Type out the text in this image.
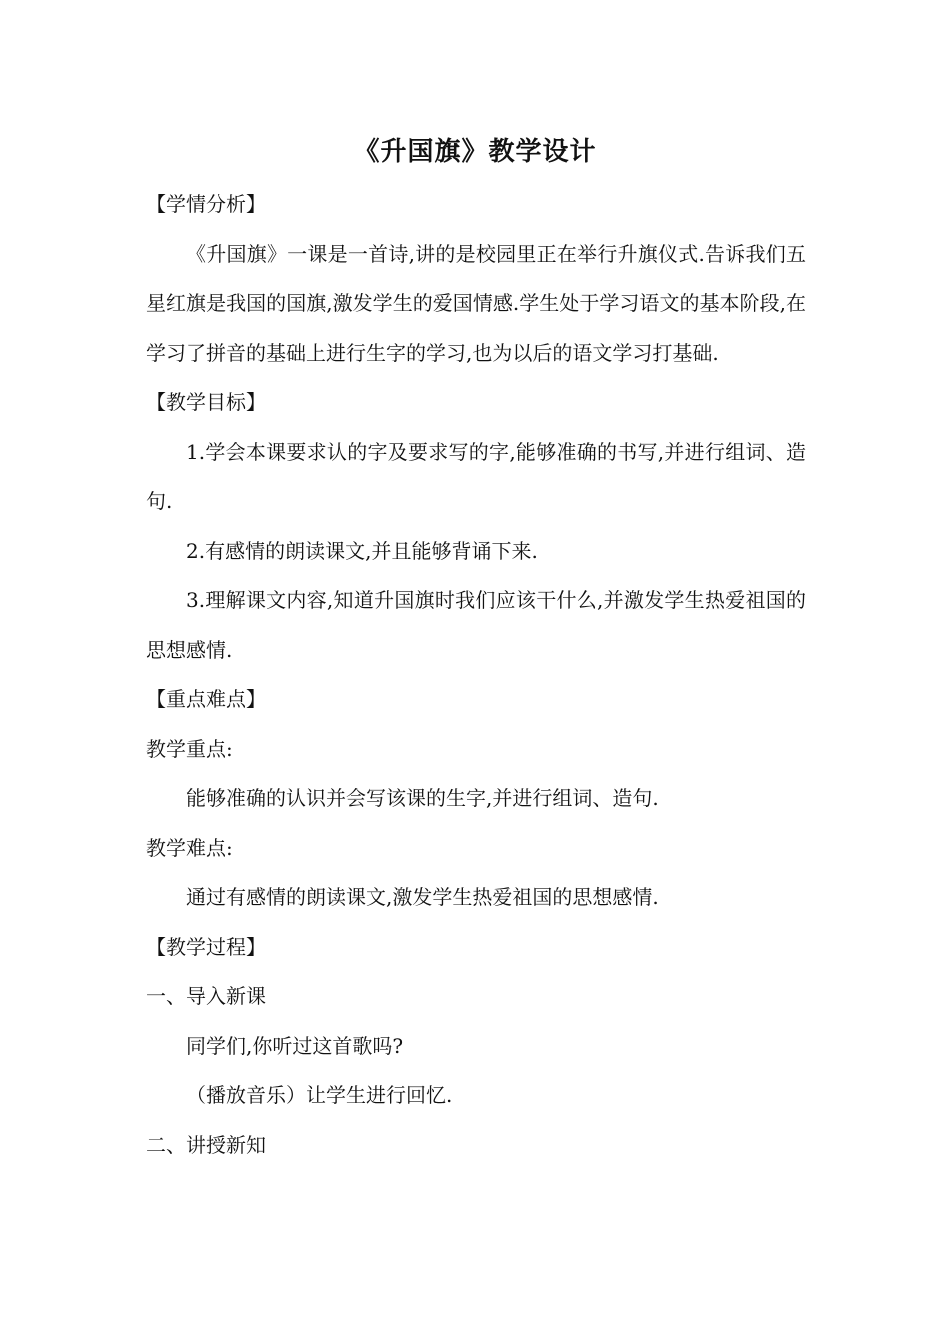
《升国旗》教学设计

【学情分析】

《升国旗》一课是一首诗,讲的是校园里正在举行升旗仪式.告诉我们五星红旗是我国的国旗,激发学生的爱国情感.学生处于学习语文的基本阶段,在学习了拼音的基础上进行生字的学习,也为以后的语文学习打基础.

【教学目标】

1.学会本课要求认的字及要求写的字,能够准确的书写,并进行组词、造句.

2.有感情的朗读课文,并且能够背诵下来.

3.理解课文内容,知道升国旗时我们应该干什么,并激发学生热爱祖国的思想感情.

【重点难点】

教学重点:

能够准确的认识并会写该课的生字,并进行组词、造句.

教学难点:

通过有感情的朗读课文,激发学生热爱祖国的思想感情.

【教学过程】

一、导入新课

同学们,你听过这首歌吗?

（播放音乐）让学生进行回忆.

二、讲授新知
